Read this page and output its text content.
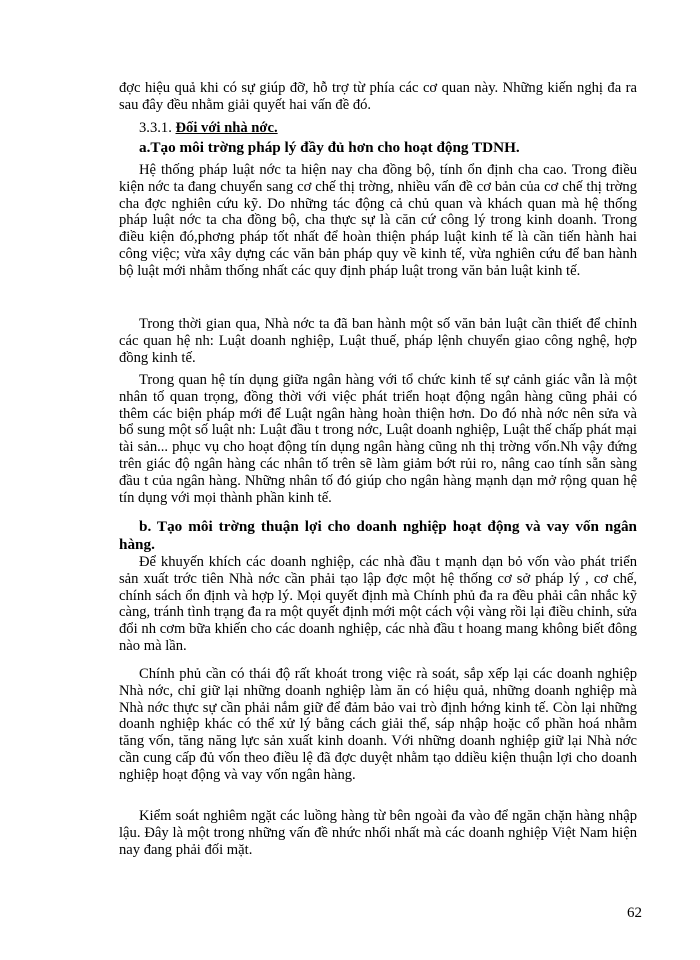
đợc hiệu quả khi có sự giúp đỡ, hỗ trợ từ phía các cơ quan này. Những kiến nghị đa ra sau đây đều nhằm giải quyết hai vấn đề đó.

3.3.1. Đối với nhà nớc.

a.Tạo môi trờng pháp lý đầy đủ hơn cho hoạt động TDNH.

Hệ thống pháp luật nớc ta hiện nay cha đồng bộ, tính ổn định cha cao. Trong điều kiện nớc ta đang chuyển sang cơ chế thị trờng, nhiều vấn đề cơ bản của cơ chế thị trờng cha đợc nghiên cứu kỹ. Do những tác động cả chủ quan và khách quan mà hệ thống pháp luật nớc ta cha đồng bộ, cha thực sự là căn cứ công lý trong kinh doanh. Trong điều kiện đó,phơng pháp tốt nhất để hoàn thiện pháp luật kinh tế là cần tiến hành hai công việc; vừa xây dựng các văn bản pháp quy về kinh tế, vừa nghiên cứu để ban hành bộ luật mới nhằm thống nhất các quy định pháp luật trong văn bản luật kinh tế.

Trong thời gian qua, Nhà nớc ta đã ban hành một số văn bản luật cần thiết để chỉnh các quan hệ nh: Luật doanh nghiệp, Luật thuế, pháp lệnh chuyển giao công nghệ, hợp đồng kinh tế.

Trong quan hệ tín dụng giữa ngân hàng với tổ chức kinh tế sự cảnh giác vẫn là một nhân tố quan trọng, đồng thời với việc phát triển hoạt động ngân hàng cũng phải có thêm các biện pháp mới để Luật ngân hàng hoàn thiện hơn. Do đó nhà nớc nên sửa và bổ sung một số luật nh: Luật đầu t trong nớc, Luật doanh nghiệp, Luật thế chấp phát mại tài sản... phục vụ cho hoạt động tín dụng ngân hàng cũng nh thị trờng vốn.Nh vậy đứng trên giác độ ngân hàng các nhân tố trên sẽ làm giảm bớt rủi ro, nâng cao tính sẵn sàng đầu t của ngân hàng. Những nhân tố đó giúp cho ngân hàng mạnh dạn mở rộng quan hệ tín dụng với mọi thành phần kinh tế.

b. Tạo môi trờng thuận lợi cho doanh nghiệp hoạt động và vay vốn ngân hàng.

Để khuyến khích các doanh nghiệp, các nhà đầu t mạnh dạn bỏ vốn vào phát triển sản xuất trớc tiên Nhà nớc cần phải tạo lập đợc một hệ thống cơ sở pháp lý , cơ chế, chính sách ổn định và hợp lý. Mọi quyết định mà Chính phủ đa ra đều phải cân nhắc kỹ càng, tránh tình trạng đa ra một quyết định mới một cách vội vàng rồi lại điều chỉnh, sửa đổi nh cơm bữa khiến cho các doanh nghiệp, các nhà đầu t hoang mang không biết đông nào mà lần.

Chính phủ cần có thái độ rất khoát trong việc rà soát, sắp xếp lại các doanh nghiệp Nhà nớc, chỉ giữ lại những doanh nghiệp làm ăn có hiệu quả, những doanh nghiệp mà Nhà nớc thực sự cần phải nắm giữ để đảm bảo vai trò định hớng kinh tế. Còn lại những doanh nghiệp khác có thể xử lý bằng cách giải thể, sáp nhập hoặc cổ phần hoá nhằm tăng vốn, tăng năng lực sản xuất kinh doanh. Với những doanh nghiệp giữ lại Nhà nớc cần cung cấp đủ vốn theo điều lệ đã đợc duyệt nhằm tạo ddiều kiện thuận lợi cho doanh nghiệp hoạt động và vay vốn ngân hàng.

Kiểm soát nghiêm ngặt các luồng hàng từ bên ngoài đa vào để ngăn chặn hàng nhập lậu. Đây là một trong những vấn đề nhức nhối nhất mà các doanh nghiệp Việt Nam hiện nay đang phải đối mặt.

62
